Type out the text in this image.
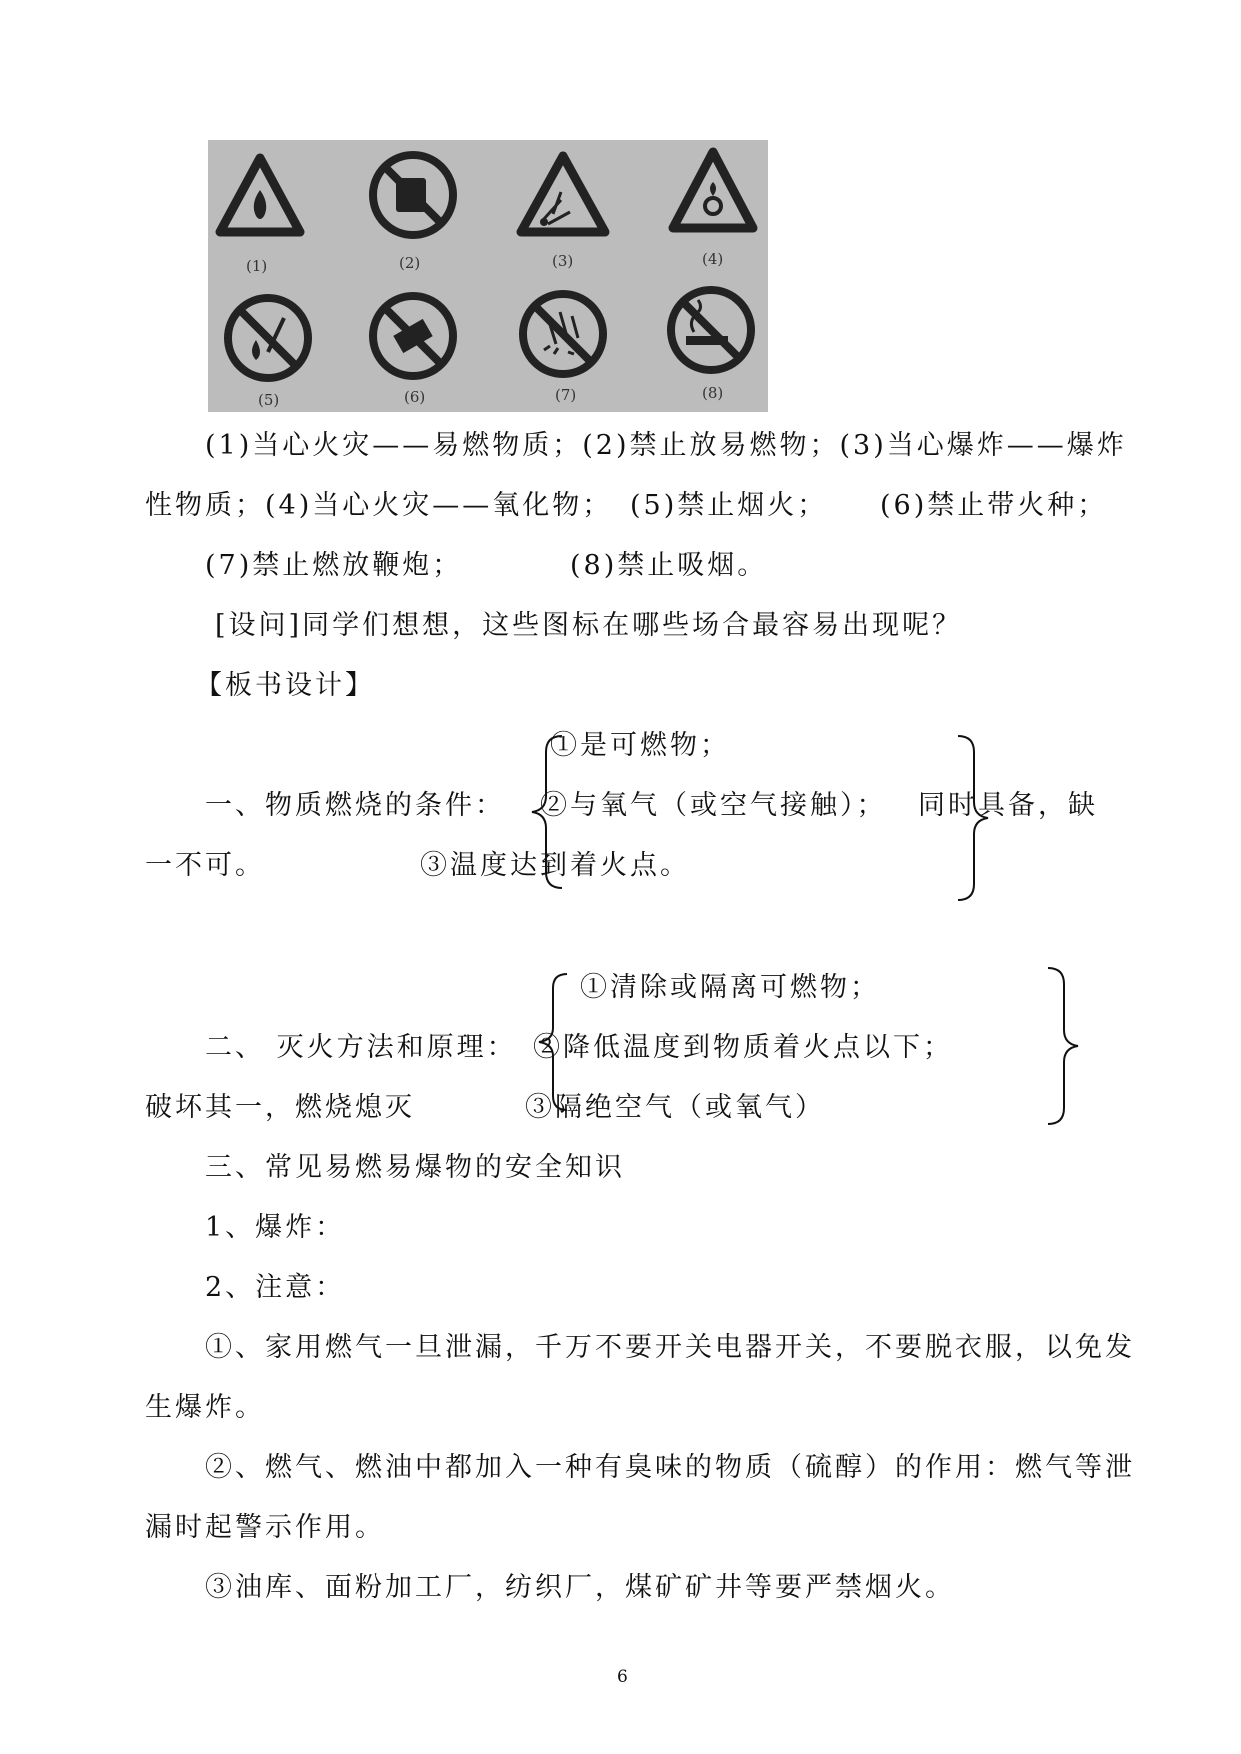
(1)	(2)	(3)	(4)
(5)	(6)	(7)	(8)
(1)当心火灾——易燃物质；(2)禁止放易燃物；(3)当心爆炸——爆炸
性物质；(4)当心火灾——氧化物； (5)禁止烟火； (6)禁止带火种；
(7)禁止燃放鞭炮；	(8)禁止吸烟。
[设问]同学们想想，这些图标在哪些场合最容易出现呢？
【板书设计】
①是可燃物；
一、物质燃烧的条件： ②与氧气（或空气接触）； 同时具备，缺
一不可。	③温度达到着火点。
①清除或隔离可燃物；
二、 灭火方法和原理： ②降低温度到物质着火点以下；
破坏其一，燃烧熄灭	③隔绝空气（或氧气）
三、常见易燃易爆物的安全知识
1、爆炸：
2、注意：
①、家用燃气一旦泄漏，千万不要开关电器开关，不要脱衣服，以免发
生爆炸。
②、燃气、燃油中都加入一种有臭味的物质（硫醇）的作用：燃气等泄
漏时起警示作用。
③油库、面粉加工厂，纺织厂，煤矿矿井等要严禁烟火。
6
